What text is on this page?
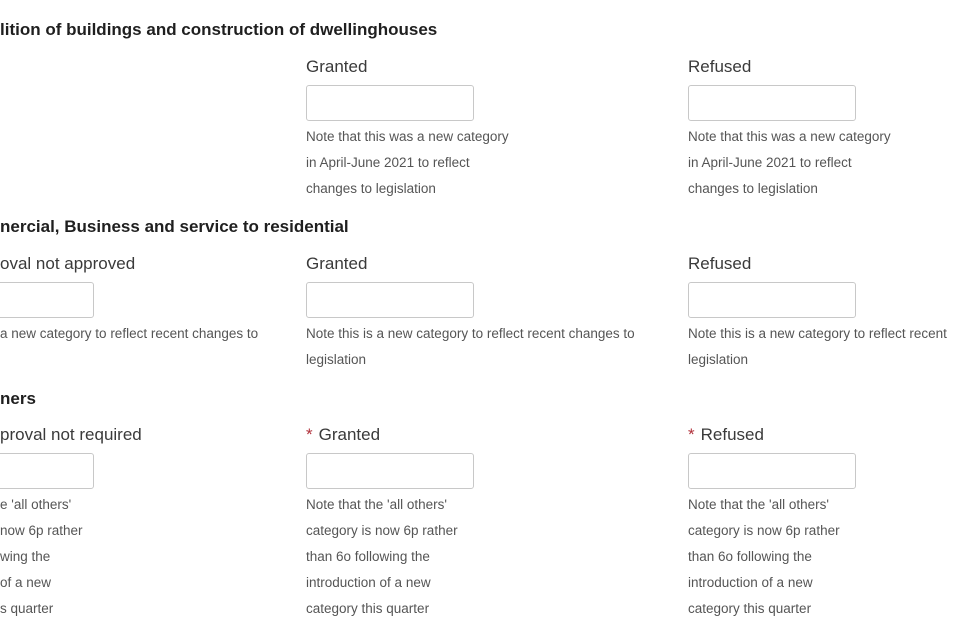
lition of buildings and construction of dwellinghouses
Granted
Note that this was a new category
in April-June 2021 to reflect
changes to legislation
Refused
Note that this was a new category
in April-June 2021 to reflect
changes to legislation
nercial, Business and service to residential
oval not approved
a new category to reflect recent changes to
Granted
Note this is a new category to reflect recent changes to
legislation
Refused
Note this is a new category to reflect recent
legislation
ners
proval not required
e 'all others'
now 6p rather
wing the
of a new
s quarter
* Granted
Note that the 'all others'
category is now 6p rather
than 6o following the
introduction of a new
category this quarter
* Refused
Note that the 'all others'
category is now 6p rather
than 6o following the
introduction of a new
category this quarter
